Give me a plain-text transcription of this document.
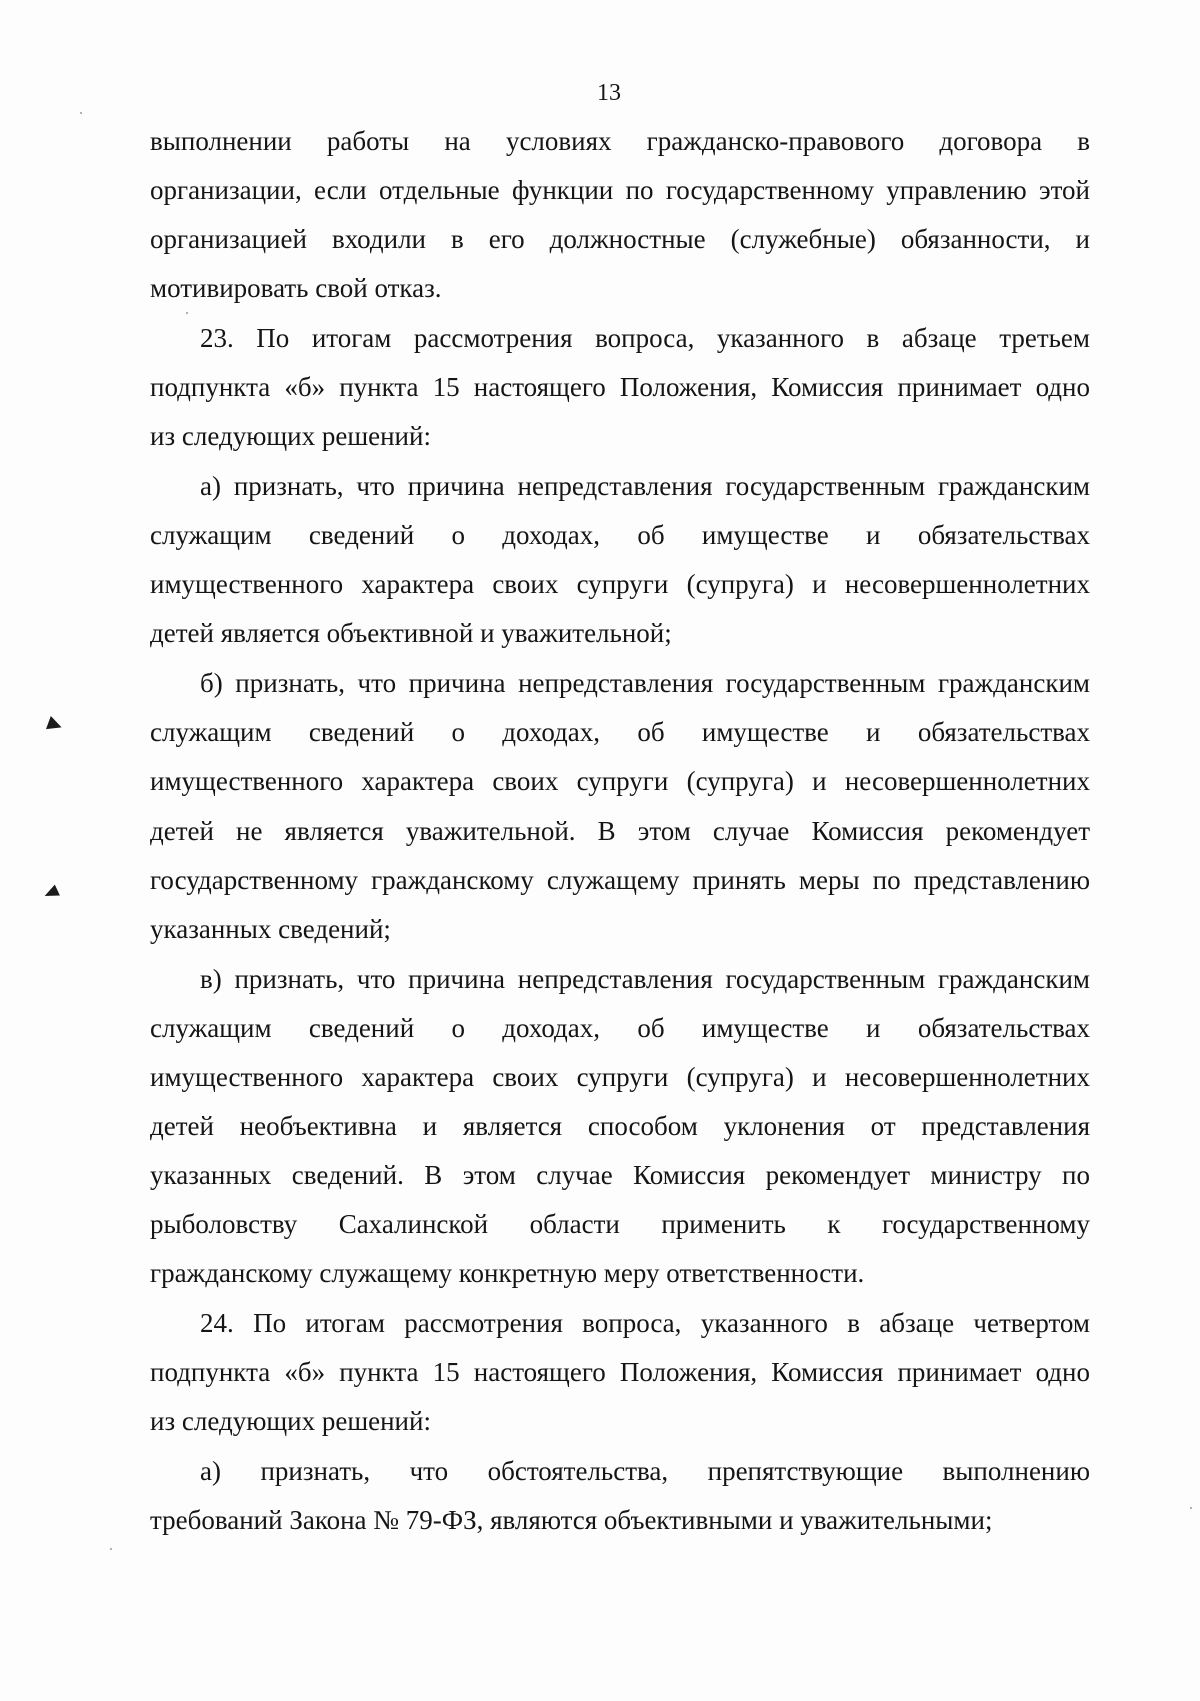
13
выполнении работы на условиях гражданско-правового договора в
организации, если отдельные функции по государственному управлению этой
организацией входили в его должностные (служебные) обязанности, и
мотивировать свой отказ.
23. По итогам рассмотрения вопроса, указанного в абзаце третьем
подпункта «б» пункта 15 настоящего Положения, Комиссия принимает одно
из следующих решений:
а) признать, что причина непредставления государственным гражданским
служащим сведений о доходах, об имуществе и обязательствах
имущественного характера своих супруги (супруга) и несовершеннолетних
детей является объективной и уважительной;
б) признать, что причина непредставления государственным гражданским
служащим сведений о доходах, об имуществе и обязательствах
имущественного характера своих супруги (супруга) и несовершеннолетних
детей не является уважительной. В этом случае Комиссия рекомендует
государственному гражданскому служащему принять меры по представлению
указанных сведений;
в) признать, что причина непредставления государственным гражданским
служащим сведений о доходах, об имуществе и обязательствах
имущественного характера своих супруги (супруга) и несовершеннолетних
детей необъективна и является способом уклонения от представления
указанных сведений. В этом случае Комиссия рекомендует министру по
рыболовству Сахалинской области применить к государственному
гражданскому служащему конкретную меру ответственности.
24. По итогам рассмотрения вопроса, указанного в абзаце четвертом
подпункта «б» пункта 15 настоящего Положения, Комиссия принимает одно
из следующих решений:
а) признать, что обстоятельства, препятствующие выполнению
требований Закона № 79-ФЗ, являются объективными и уважительными;
